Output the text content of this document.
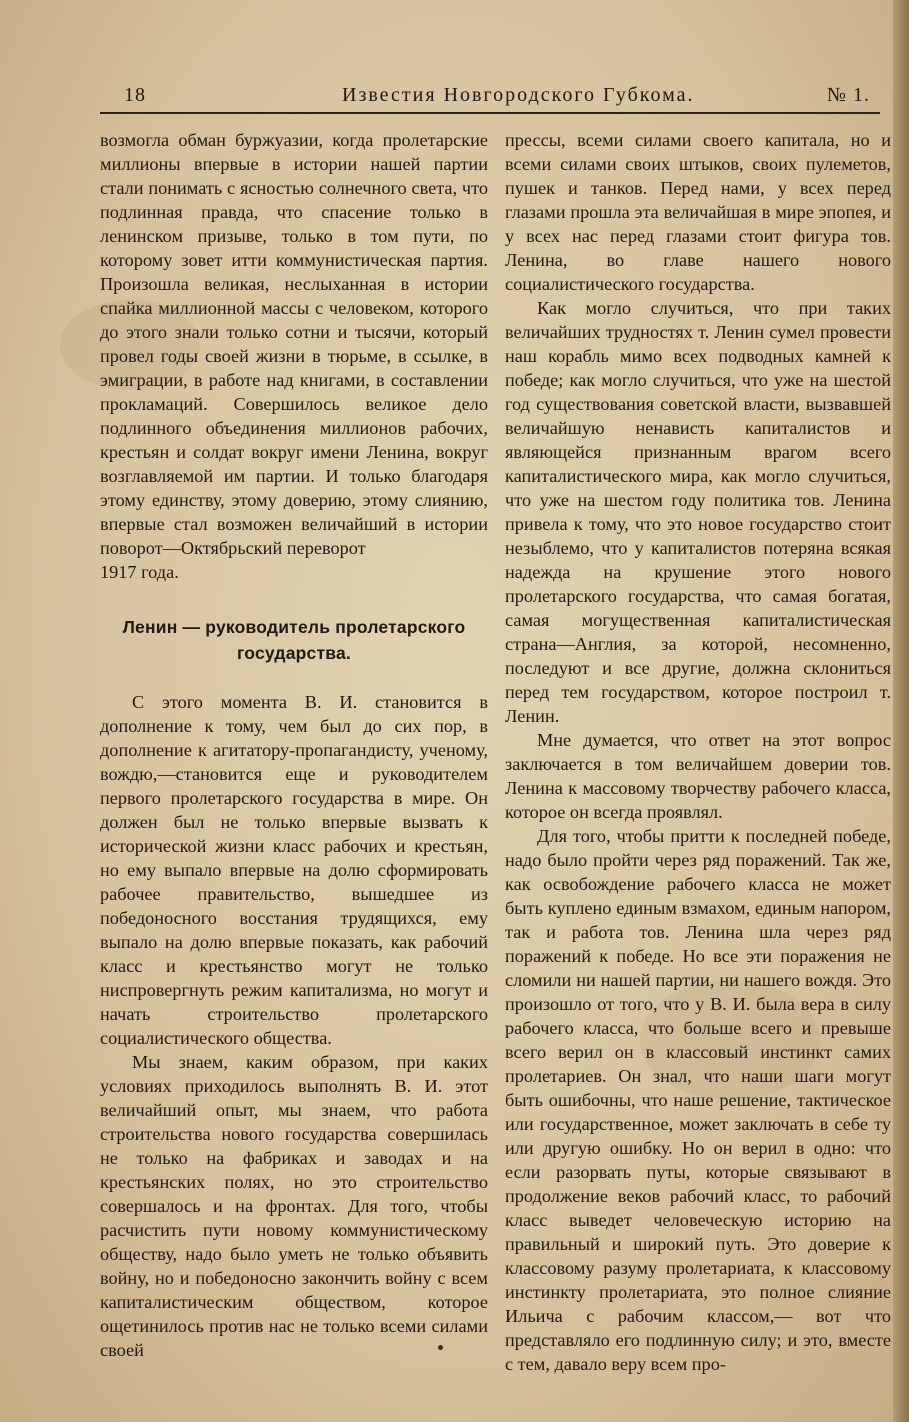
18	Известия Новгородского Губкома.	№ 1.

возмогла обман буржуазии, когда пролетарские миллионы впервые в истории нашей партии стали понимать с ясностью солнечного света, что подлинная правда, что спасение только в ленинском призыве, только в том пути, по которому зовет итти коммунистическая партия. Произошла великая, неслыханная в истории спайка миллионной массы с человеком, которого до этого знали только сотни и тысячи, который провел годы своей жизни в тюрьме, в ссылке, в эмиграции, в работе над книгами, в составлении прокламаций. Совершилось великое дело подлинного объединения миллионов рабочих, крестьян и солдат вокруг имени Ленина, вокруг возглавляемой им партии. И только благодаря этому единству, этому доверию, этому слиянию, впервые стал возможен величайший в истории поворот—Октябрьский переворот

1917 года.

Ленин — руководитель пролетарского государства.

С этого момента В. И. становится в дополнение к тому, чем был до сих пор, в дополнение к агитатору-пропагандисту, ученому, вождю,—становится еще и руководителем первого пролетарского государства в мире. Он должен был не только впервые вызвать к исторической жизни класс рабочих и крестьян, но ему выпало впервые на долю сформировать рабочее правительство, вышедшее из победоносного восстания трудящихся, ему выпало на долю впервые показать, как рабочий класс и крестьянство могут не только ниспровергнуть режим капитализма, но могут и начать строительство пролетарского социалистического общества.

Мы знаем, каким образом, при каких условиях приходилось выполнять В. И. этот величайший опыт, мы знаем, что работа строительства нового государства совершилась не только на фабриках и заводах и на крестьянских полях, но это строительство совершалось и на фронтах. Для того, чтобы расчистить пути новому коммунистическому обществу, надо было уметь не только объявить войну, но и победоносно закончить войну с всем капиталистическим обществом, которое ощетинилось против нас не только всеми силами своей

прессы, всеми силами своего капитала, но и всеми силами своих штыков, своих пулеметов, пушек и танков. Перед нами, у всех перед глазами прошла эта величайшая в мире эпопея, и у всех нас перед глазами стоит фигура тов. Ленина, во главе нашего нового социалистического государства.

Как могло случиться, что при таких величайших трудностях т. Ленин сумел провести наш корабль мимо всех подводных камней к победе; как могло случиться, что уже на шестой год существования советской власти, вызвавшей величайшую ненависть капиталистов и являющейся признанным врагом всего капиталистического мира, как могло случиться, что уже на шестом году политика тов. Ленина привела к тому, что это новое государство стоит незыблемо, что у капиталистов потеряна всякая надежда на крушение этого нового пролетарского государства, что самая богатая, самая могущественная капиталистическая страна—Англия, за которой, несомненно, последуют и все другие, должна склониться перед тем государством, которое построил т. Ленин.

Мне думается, что ответ на этот вопрос заключается в том величайшем доверии тов. Ленина к массовому творчеству рабочего класса, которое он всегда проявлял.

Для того, чтобы притти к последней победе, надо было пройти через ряд поражений. Так же, как освобождение рабочего класса не может быть куплено единым взмахом, единым напором, так и работа тов. Ленина шла через ряд поражений к победе. Но все эти поражения не сломили ни нашей партии, ни нашего вождя. Это произошло от того, что у В. И. была вера в силу рабочего класса, что больше всего и превыше всего верил он в классовый инстинкт самих пролетариев. Он знал, что наши шаги могут быть ошибочны, что наше решение, тактическое или государственное, может заключать в себе ту или другую ошибку. Но он верил в одно: что если разорвать путы, которые связывают в продолжение веков рабочий класс, то рабочий класс выведет человеческую историю на правильный и широкий путь. Это доверие к классовому разуму пролетариата, к классовому инстинкту пролетариата, это полное слияние Ильича с рабочим классом,— вот что представляло его подлинную силу; и это, вместе с тем, давало веру всем про-
